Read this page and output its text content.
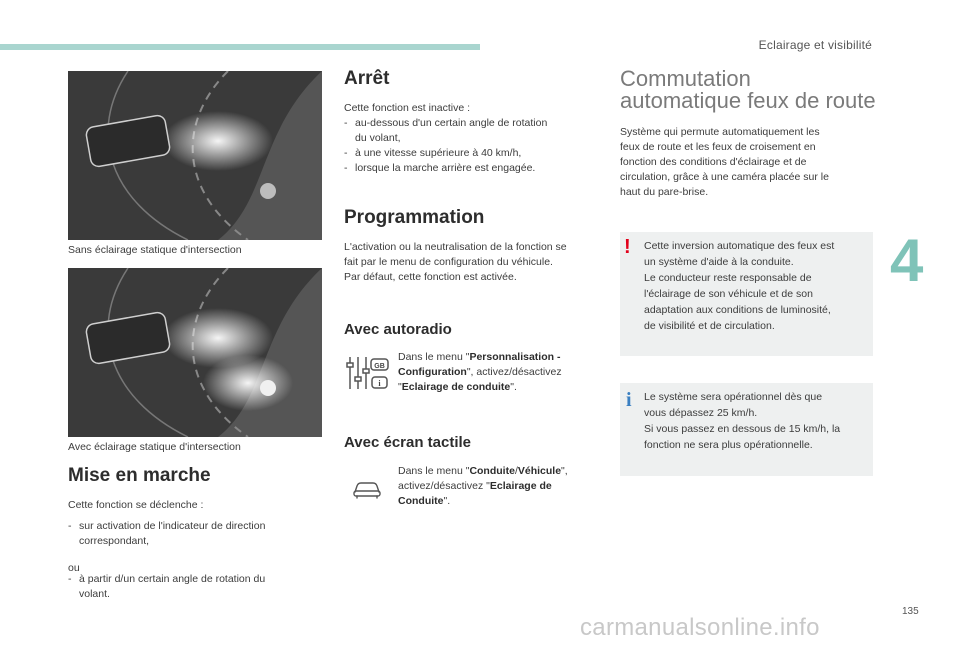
Eclairage et visibilité
4
Sans éclairage statique d'intersection
Avec éclairage statique d'intersection
Mise en marche
Cette fonction se déclenche :
- sur activation de l'indicateur de direction
correspondant,
ou
- à partir d/un certain angle de rotation du
volant.
Arrêt
Cette fonction est inactive :
- au-dessous d'un certain angle de rotation
du volant,
- à une vitesse supérieure à 40 km/h,
- lorsque la marche arrière est engagée.
Programmation
L'activation ou la neutralisation de la fonction se
fait par le menu de configuration du véhicule.
Par défaut, cette fonction est activée.
Avec autoradio
GB
i
Dans le menu "Personnalisation -
Configuration", activez/désactivez
"Eclairage de conduite".
Avec écran tactile
Dans le menu "Conduite/Véhicule",
activez/désactivez "Eclairage de
Conduite".
Commutation
automatique feux de route
Système qui permute automatiquement les
feux de route et les feux de croisement en
fonction des conditions d'éclairage et de
circulation, grâce à une caméra placée sur le
haut du pare-brise.
! Cette inversion automatique des feux est
un système d'aide à la conduite.
Le conducteur reste responsable de
l'éclairage de son véhicule et de son
adaptation aux conditions de luminosité,
de visibilité et de circulation.
i Le système sera opérationnel dès que
vous dépassez 25 km/h.
Si vous passez en dessous de 15 km/h, la
fonction ne sera plus opérationnelle.
135
carmanualsonline.info
